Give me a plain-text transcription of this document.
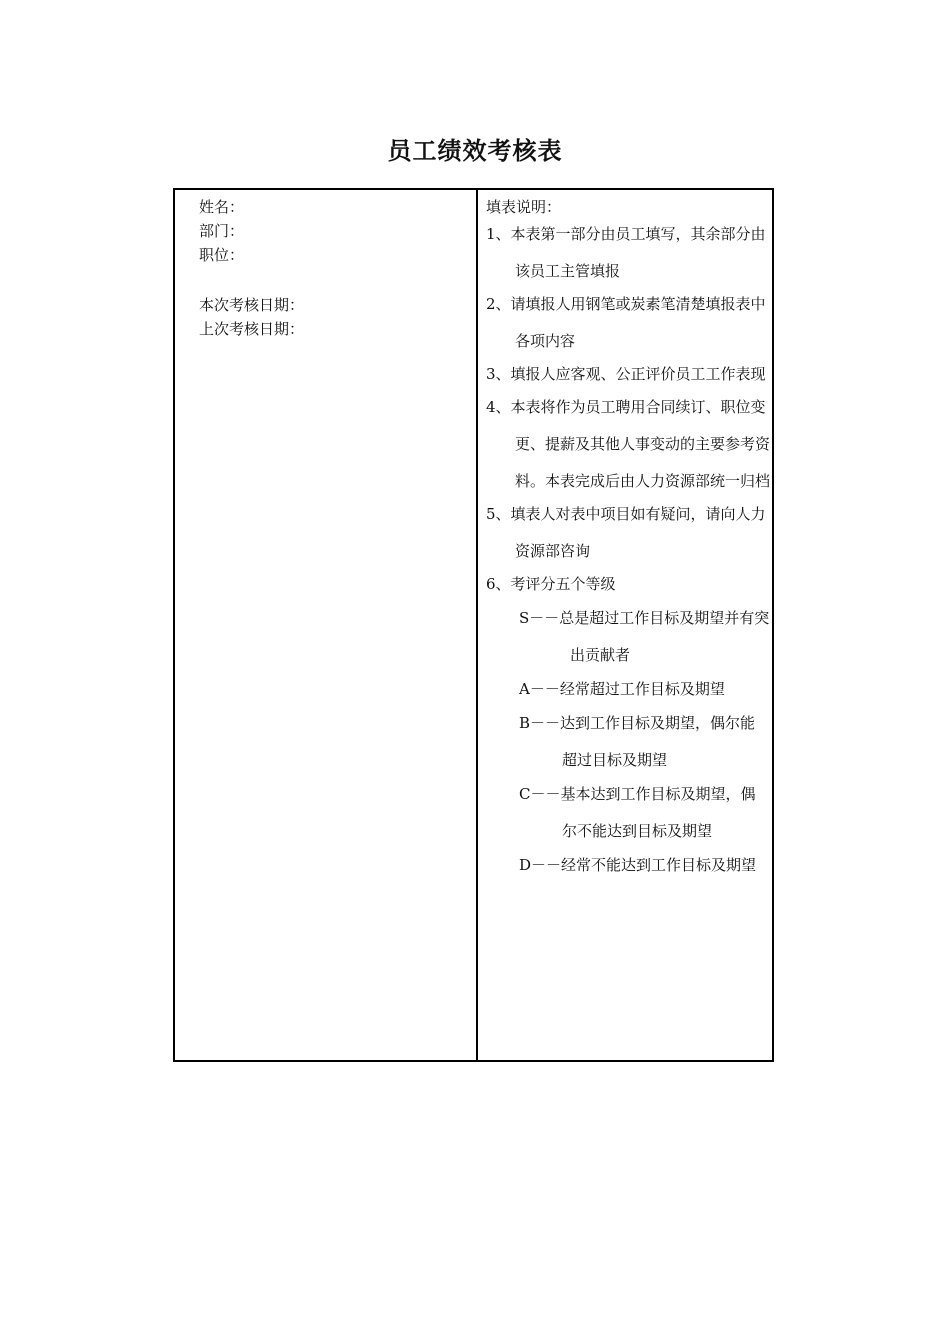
员工绩效考核表
姓名：
部门：
职位：
本次考核日期：
上次考核日期：
填表说明：
1、本表第一部分由员工填写，其余部分由该员工主管填报
2、请填报人用钢笔或炭素笔清楚填报表中各项内容
3、填报人应客观、公正评价员工工作表现
4、本表将作为员工聘用合同续订、职位变更、提薪及其他人事变动的主要参考资料。本表完成后由人力资源部统一归档
5、填表人对表中项目如有疑问，请向人力资源部咨询
6、考评分五个等级
S－－总是超过工作目标及期望并有突出贡献者
A－－经常超过工作目标及期望
B－－达到工作目标及期望，偶尔能超过目标及期望
C－－基本达到工作目标及期望，偶尔不能达到目标及期望
D－－经常不能达到工作目标及期望
